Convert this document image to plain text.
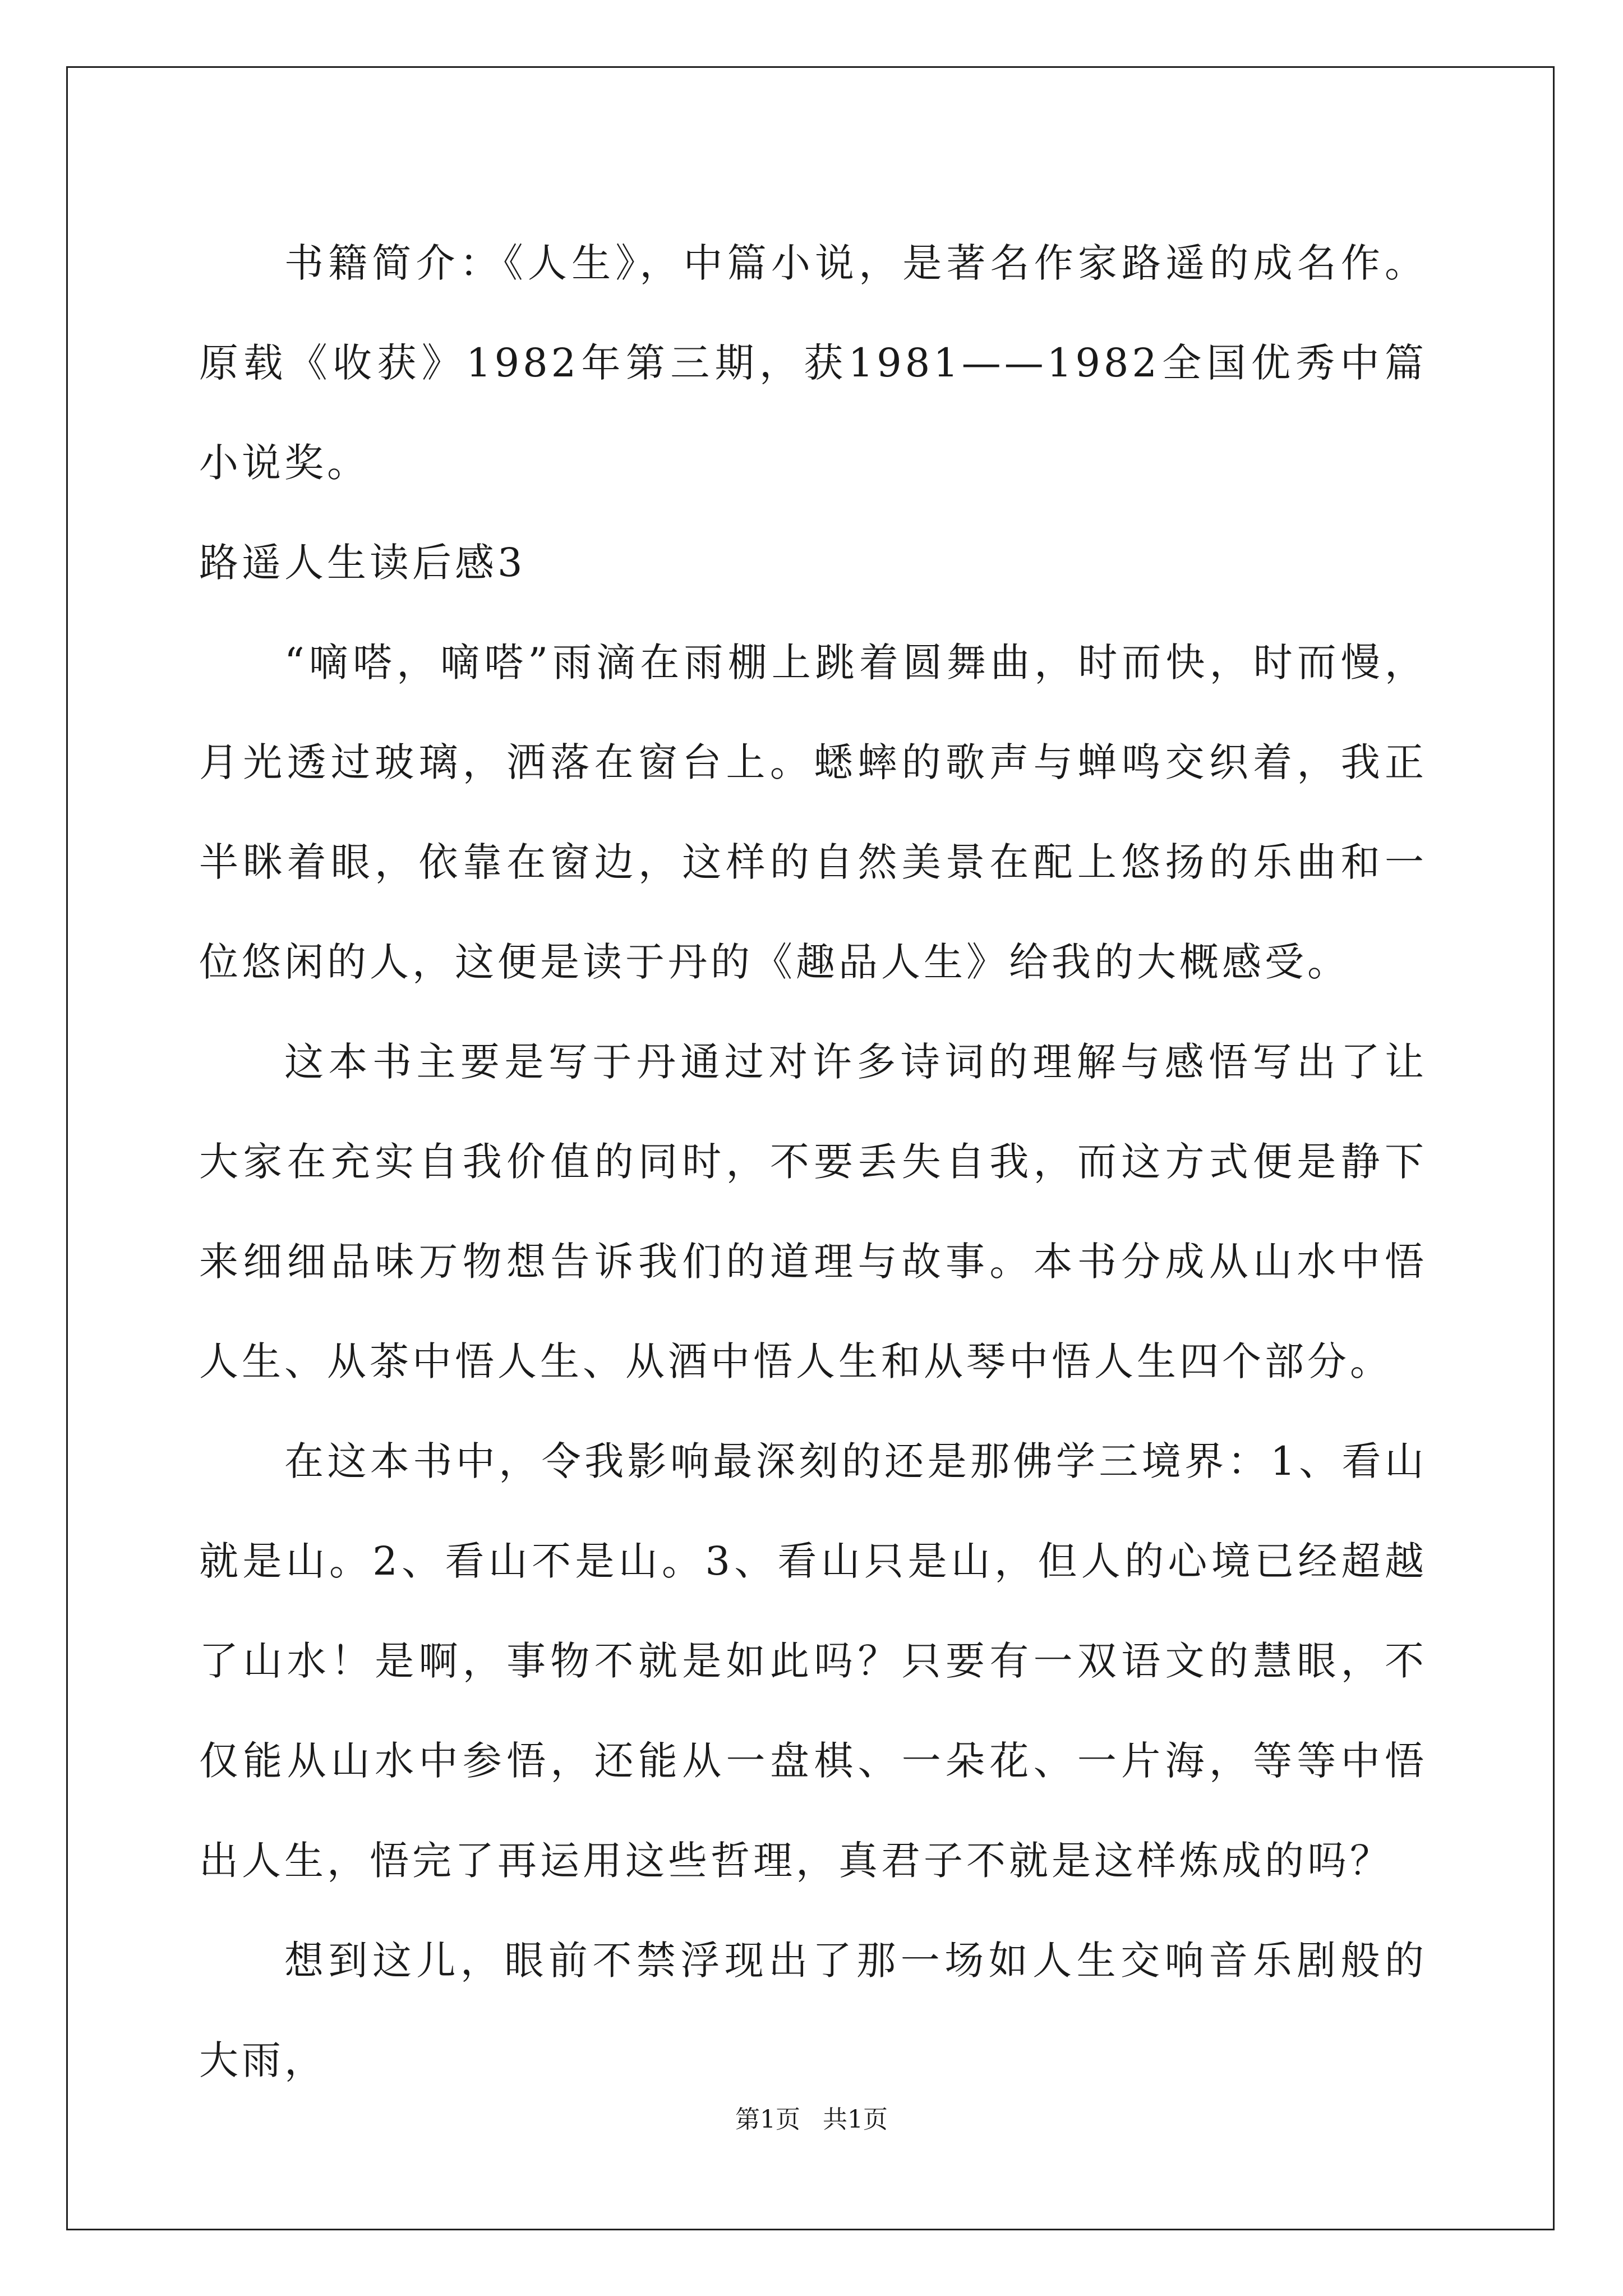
书籍简介：《人生》，中篇小说，是著名作家路遥的成名作。原载《收获》1982年第三期，获1981——1982全国优秀中篇小说奖。

路遥人生读后感3

“嘀嗒，嘀嗒”雨滴在雨棚上跳着圆舞曲，时而快，时而慢，月光透过玻璃，洒落在窗台上。蟋蟀的歌声与蝉鸣交织着，我正半眯着眼，依靠在窗边，这样的自然美景在配上悠扬的乐曲和一位悠闲的人，这便是读于丹的《趣品人生》给我的大概感受。

这本书主要是写于丹通过对许多诗词的理解与感悟写出了让大家在充实自我价值的同时，不要丢失自我，而这方式便是静下来细细品味万物想告诉我们的道理与故事。本书分成从山水中悟人生、从茶中悟人生、从酒中悟人生和从琴中悟人生四个部分。

在这本书中，令我影响最深刻的还是那佛学三境界：1、看山就是山。2、看山不是山。3、看山只是山，但人的心境已经超越了山水！是啊，事物不就是如此吗？只要有一双语文的慧眼，不仅能从山水中参悟，还能从一盘棋、一朵花、一片海，等等中悟出人生，悟完了再运用这些哲理，真君子不就是这样炼成的吗？

想到这儿，眼前不禁浮现出了那一场如人生交响音乐剧般的大雨，

第1页 共1页
